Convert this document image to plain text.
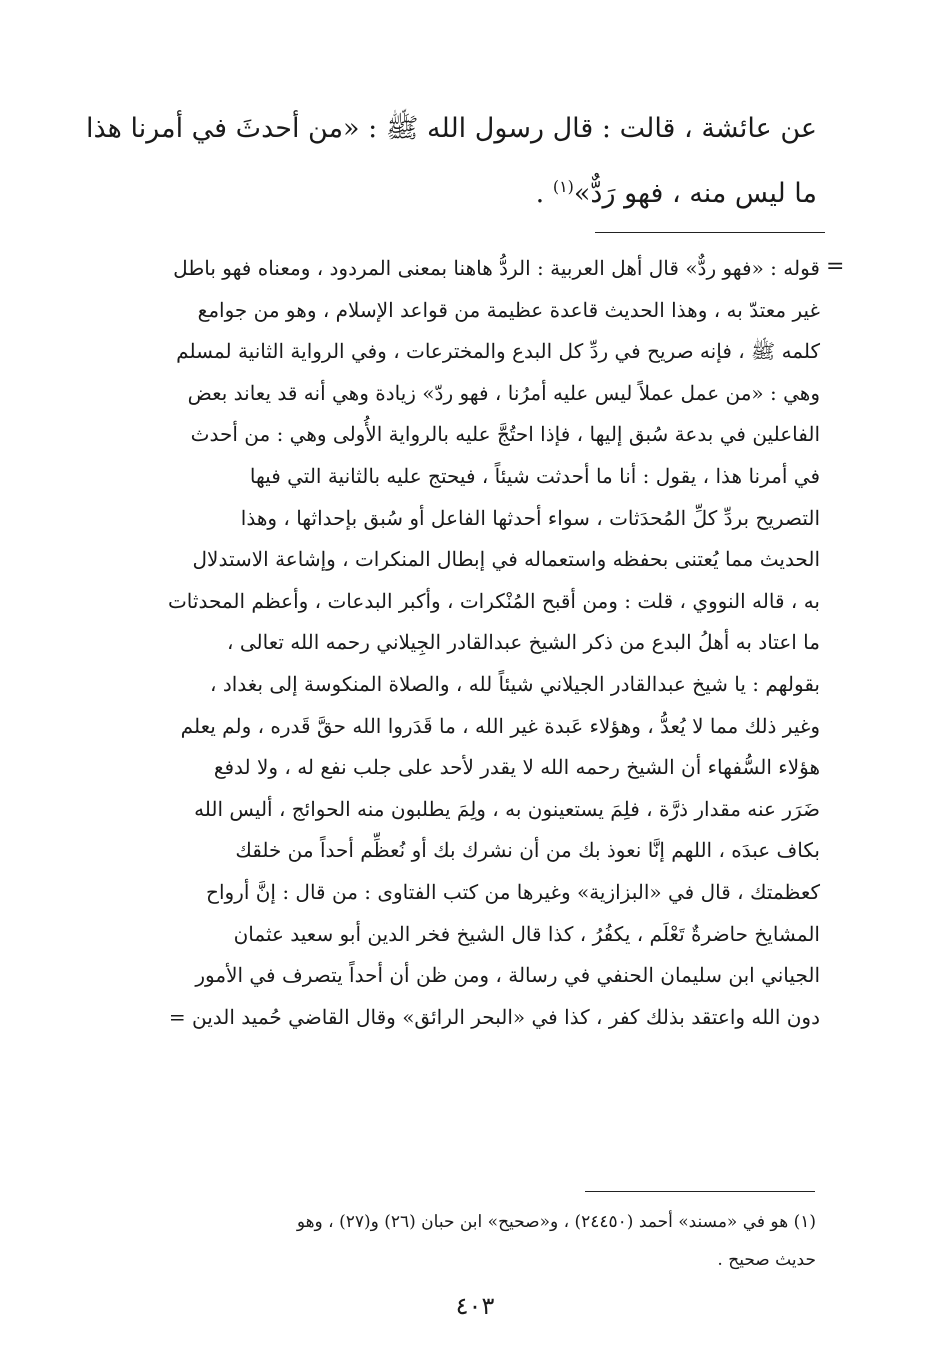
عن عائشة ، قالت : قال رسول الله ﷺ : «من أحدثَ في أمرنا هذا
ما ليس منه ، فهو رَدٌّ»$^{(١)}$ .
=
قوله : «فهو ردٌّ» قال أهل العربية : الردُّ هاهنا بمعنى المردود ، ومعناه فهو باطل
غير معتدّ به ، وهذا الحديث قاعدة عظيمة من قواعد الإسلام ، وهو من جوامع
كلمه ﷺ ، فإنه صريح في ردِّ كل البدع والمخترعات ، وفي الرواية الثانية لمسلم
وهي : «من عمل عملاً ليس عليه أمرُنا ، فهو ردّ» زيادة وهي أنه قد يعاند بعض
الفاعلين في بدعة سُبق إليها ، فإذا احتُجَّ عليه بالرواية الأُولى وهي : من أحدث
في أمرنا هذا ، يقول : أنا ما أحدثت شيئاً ، فيحتج عليه بالثانية التي فيها
التصريح بردِّ كلِّ المُحدَثات ، سواء أحدثها الفاعل أو سُبق بإحداثها ، وهذا
الحديث مما يُعتنى بحفظه واستعماله في إبطال المنكرات ، وإشاعة الاستدلال
به ، قاله النووي ، قلت : ومن أقبح المُنْكرات ، وأكبر البدعات ، وأعظم المحدثات
ما اعتاد به أهلُ البدع من ذكر الشيخ عبدالقادر الجِيلاني رحمه الله تعالى ،
بقولهم : يا شيخ عبدالقادر الجيلاني شيئاً لله ، والصلاة المنكوسة إلى بغداد ،
وغير ذلك مما لا يُعدُّ ، وهؤلاء عَبدة غير الله ، ما قَدَروا الله حقَّ قَدره ، ولم يعلم
هؤلاء السُّفهاء أن الشيخ رحمه الله لا يقدر لأحد على جلب نفع له ، ولا لدفع
ضَرَر عنه مقدار ذرَّة ، فلِمَ يستعينون به ، ولِمَ يطلبون منه الحوائج ، أليس الله
بكاف عبدَه ، اللهم إنَّا نعوذ بك من أن نشرك بك أو نُعظِّم أحداً من خلقك
كعظمتك ، قال في «البزازية» وغيرها من كتب الفتاوى : من قال : إنَّ أرواح
المشايخ حاضرةٌ تَعْلَم ، يكفُرُ ، كذا قال الشيخ فخر الدين أبو سعيد عثمان
الجياني ابن سليمان الحنفي في رسالة ، ومن ظن أن أحداً يتصرف في الأمور
دون الله واعتقد بذلك كفر ، كذا في «البحر الرائق» وقال القاضي حُميد الدين =
(١) هو في «مسند» أحمد (٢٤٤٥٠) ، و«صحيح» ابن حبان (٢٦) و(٢٧) ، وهو
حديث صحيح .
٤٠٣
